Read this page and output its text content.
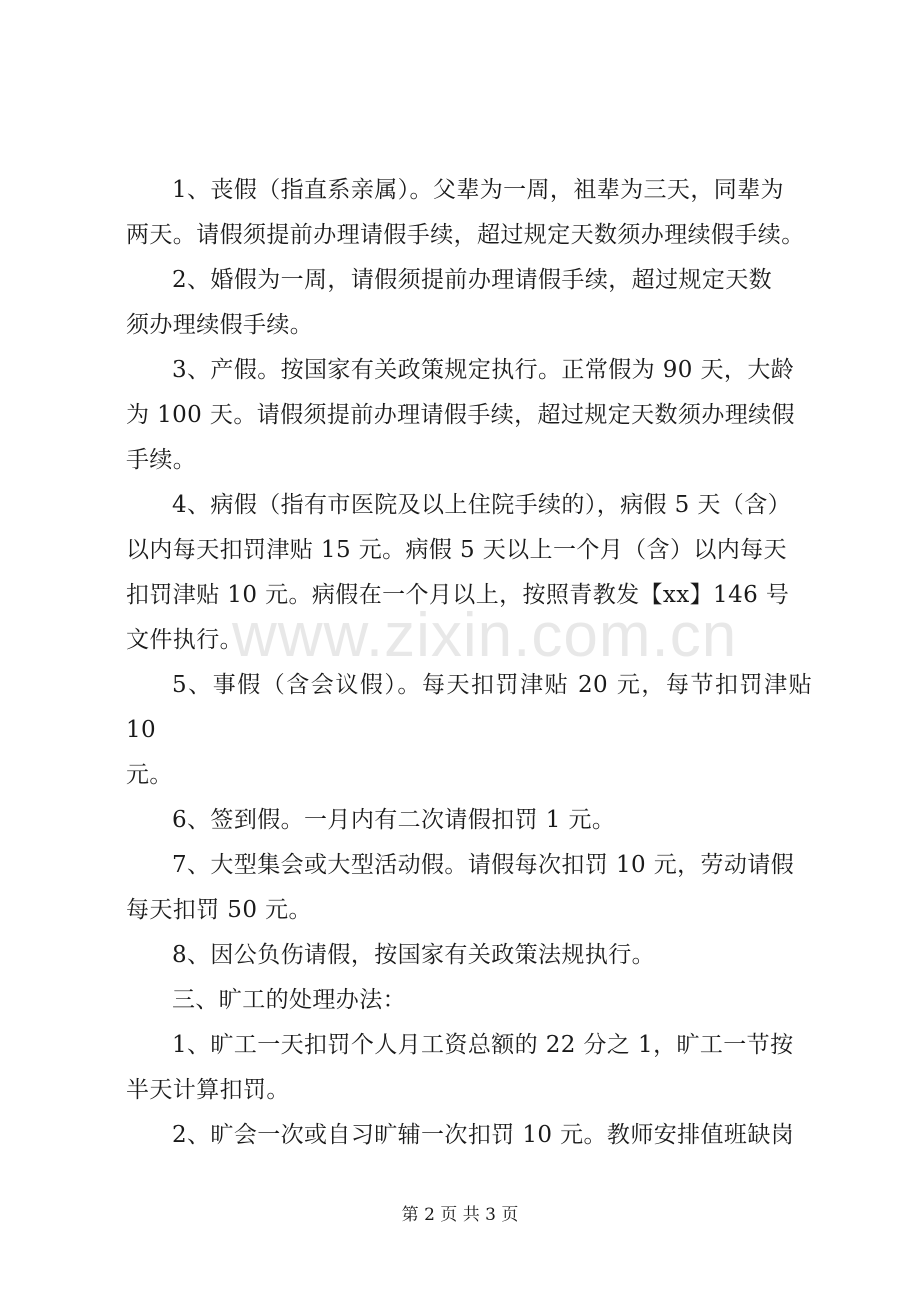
1、丧假（指直系亲属）。父辈为一周，祖辈为三天，同辈为
两天。请假须提前办理请假手续，超过规定天数须办理续假手续。

2、婚假为一周，请假须提前办理请假手续，超过规定天数
须办理续假手续。

3、产假。按国家有关政策规定执行。正常假为 90 天，大龄
为 100 天。请假须提前办理请假手续，超过规定天数须办理续假
手续。

4、病假（指有市医院及以上住院手续的），病假 5 天（含）
以内每天扣罚津贴 15 元。病假 5 天以上一个月（含）以内每天
扣罚津贴 10 元。病假在一个月以上，按照青教发【xx】146 号
文件执行。

5、事假（含会议假）。每天扣罚津贴 20 元，每节扣罚津贴 10
元。

6、签到假。一月内有二次请假扣罚 1 元。

7、大型集会或大型活动假。请假每次扣罚 10 元，劳动请假
每天扣罚 50 元。

8、因公负伤请假，按国家有关政策法规执行。

三、旷工的处理办法：

1、旷工一天扣罚个人月工资总额的 22 分之 1，旷工一节按
半天计算扣罚。

2、旷会一次或自习旷辅一次扣罚 10 元。教师安排值班缺岗

www.zixin.com.cn
第 2 页 共 3 页
